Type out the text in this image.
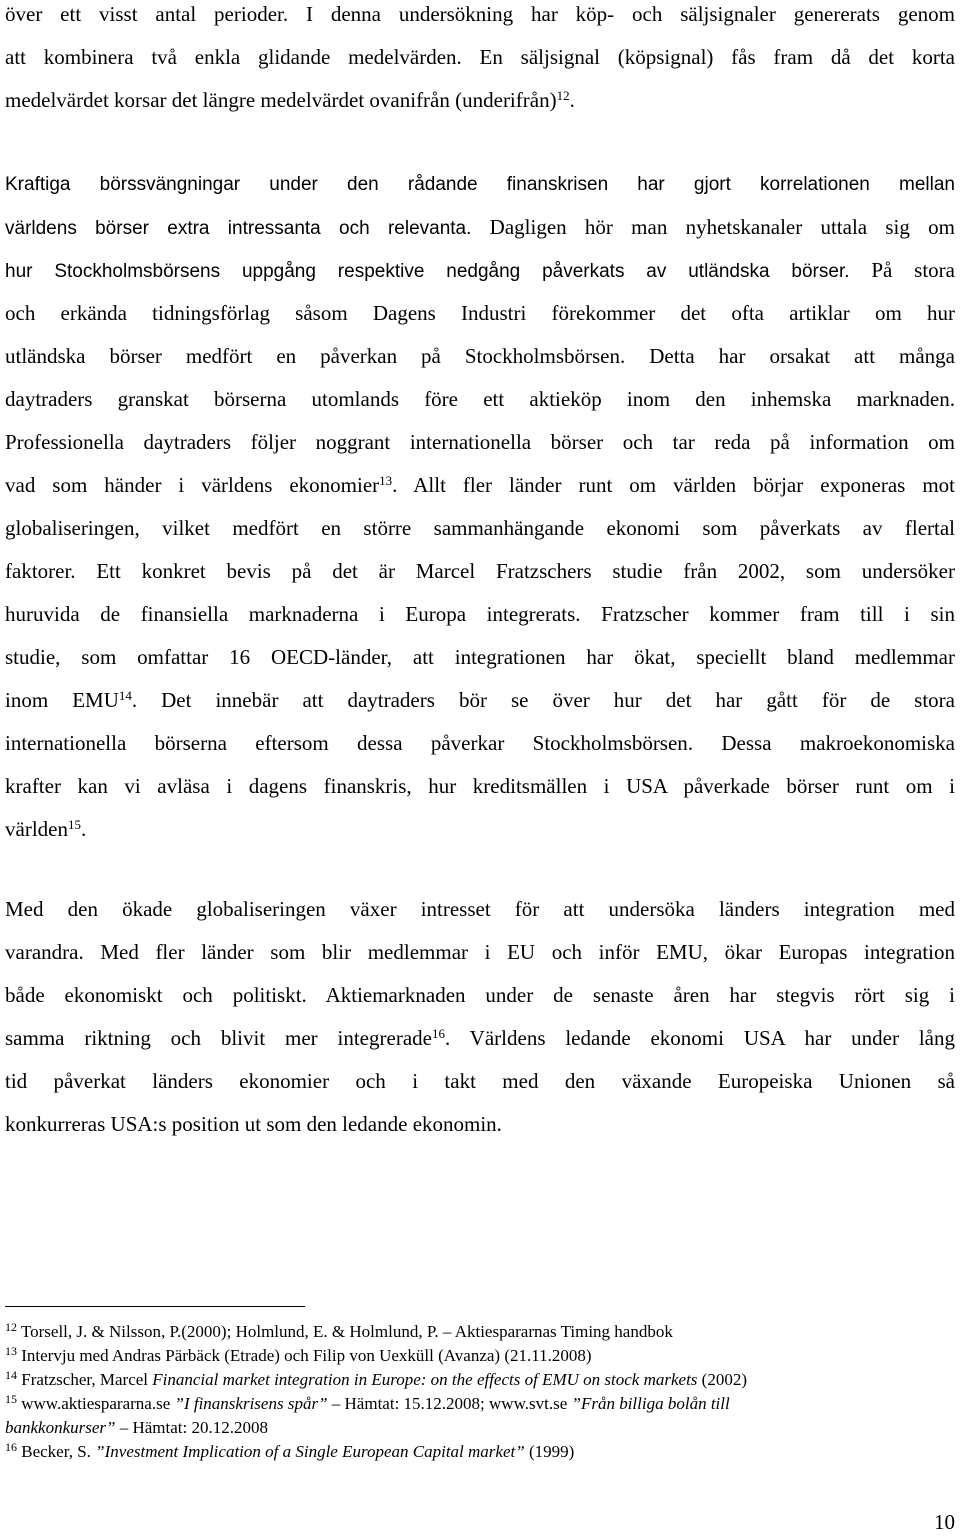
över ett visst antal perioder. I denna undersökning har köp- och säljsignaler genererats genom
att kombinera två enkla glidande medelvärden. En säljsignal (köpsignal) fås fram då det korta
medelvärdet korsar det längre medelvärdet ovanifrån (underifrån)$^{12}$.
Kraftiga börssvängningar under den rådande finanskrisen har gjort korrelationen mellan
världens börser extra intressanta och relevanta. Dagligen hör man nyhetskanaler uttala sig om
hur Stockholmsbörsens uppgång respektive nedgång påverkats av utländska börser. På stora
och erkända tidningsförlag såsom Dagens Industri förekommer det ofta artiklar om hur
utländska börser medfört en påverkan på Stockholmsbörsen. Detta har orsakat att många
daytraders granskat börserna utomlands före ett aktieköp inom den inhemska marknaden.
Professionella daytraders följer noggrant internationella börser och tar reda på information om
vad som händer i världens ekonomier$^{13}$. Allt fler länder runt om världen börjar exponeras mot
globaliseringen, vilket medfört en större sammanhängande ekonomi som påverkats av flertal
faktorer. Ett konkret bevis på det är Marcel Fratzschers studie från 2002, som undersöker
huruvida de finansiella marknaderna i Europa integrerats. Fratzscher kommer fram till i sin
studie, som omfattar 16 OECD-länder, att integrationen har ökat, speciellt bland medlemmar
inom EMU$^{14}$. Det innebär att daytraders bör se över hur det har gått för de stora
internationella börserna eftersom dessa påverkar Stockholmsbörsen. Dessa makroekonomiska
krafter kan vi avläsa i dagens finanskris, hur kreditsmällen i USA påverkade börser runt om i
världen$^{15}$.
Med den ökade globaliseringen växer intresset för att undersöka länders integration med
varandra. Med fler länder som blir medlemmar i EU och inför EMU, ökar Europas integration
både ekonomiskt och politiskt. Aktiemarknaden under de senaste åren har stegvis rört sig i
samma riktning och blivit mer integrerade$^{16}$. Världens ledande ekonomi USA har under lång
tid påverkat länders ekonomier och i takt med den växande Europeiska Unionen så
konkurreras USA:s position ut som den ledande ekonomin.
$^{12}$ Torsell, J. & Nilsson, P.(2000); Holmlund, E. & Holmlund, P. – Aktiespararnas Timing handbok
$^{13}$ Intervju med Andras Pärbäck (Etrade) och Filip von Uexküll (Avanza) (21.11.2008)
$^{14}$ Fratzscher, Marcel Financial market integration in Europe: on the effects of EMU on stock markets (2002)
$^{15}$ www.aktiespararna.se ”I finanskrisens spår” – Hämtat: 15.12.2008; www.svt.se ”Från billiga bolån till
bankkonkurser” – Hämtat: 20.12.2008
$^{16}$ Becker, S. ”Investment Implication of a Single European Capital market” (1999)
10
